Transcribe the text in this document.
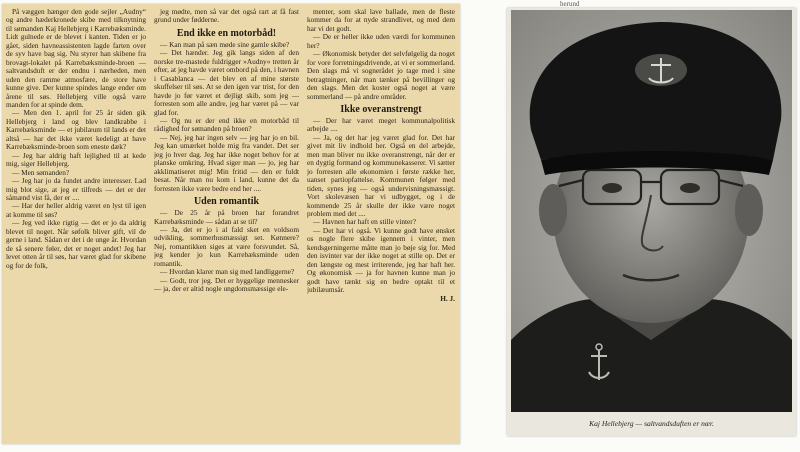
På væggen hænger den gode sejler „Audny“ og andre hæderkronede skibe med tilknytning til sømanden Kaj Hellebjerg i Karrebæksminde. Lidt gulnede er de blevet i kanten. Tiden er jo gået, siden havneassistenten lagde farten over de syv have bag sig. Nu styrer han skibene fra brovagt-lokalet på Karrebæksminde-broen — saltvandsduft er der endnu i nærheden, men uden den ramme atmosfære, de store have kunne give. Der kunne spindes lange ender om årene til søs. Hellebjerg ville også være manden for at spinde dem.

— Men den 1. april for 25 år siden gik Hellebjerg i land og blev landkrabbe i Karrebæksminde — et jubilæum til lands er det altså — har det ikke været kedeligt at have Karrebæksminde-broen som eneste dæk?

— Jeg har aldrig haft lejlighed til at kede mig, siger Hellebjerg.

— Men sømanden?

— Jeg har jo da fundet andre interesser. Lad mig blot sige, at jeg er tilfreds — det er der såmænd vist få, der er ....

— Har der heller aldrig været en lyst til igen at komme til søs?

— Jeg ved ikke rigtig — det er jo da aldrig blevet til noget. Når søfolk bliver gift, vil de gerne i land. Sådan er det i de unge år. Hvordan de så senere føler, det er noget andet! Jeg har levet otten år til søs, har været glad for skibene og for de folk,

jeg mødte, men så var det også rart at få fast grund under fødderne.

End ikke en motorbåd!

— Kan man på sæn møde sine gamle skibe?

— Det hænder. Jeg gik langs siden af den norske tre-mastede fuldrigger »Audny« tretten år efter, at jeg havde været ombord på den, i havnen i Casablanca — det blev en af mine største skuffelser til søs. At se den igen var trist, for den havde jo før været et dejligt skib, som jeg — forresten som alle andre, jeg har været på — var glad for.

— Og nu er der end ikke en motorbåd til rådighed for sømanden på broen?

— Nej, jeg har ingen selv — jeg har jo en bil. Jeg kan umærket holde mig fra vandet. Det ser jeg jo hver dag. Jeg har ikke noget behov for at planske omkring. Hvad siger man — jo, jeg har akklimatiseret mig! Min fritid — den er fuldt besat. Når man nu kom i land, kunne det da forresten ikke være bedre end her ....

Uden romantik

— De 25 år på broen har forandret Karrebæksminde — sådan at se til?

— Ja, det er jo i al fald sket en voldsom udvikling, sommerhusmæssigt set. Kønnere? Nej, romantikken siges at være forsvundet. Så, jeg kender jo kun Karrebæksminde uden romantik.

— Hvordan klarer man sig med landliggerne?

— Godt, tror jeg. Det er hyggelige mennesker — ja, der er altid nogle ungdomsmæssige ele-

menter, som skal lave ballade, men de fleste kommer da for at nyde strandlivet, og med dem har vi det godt.

— De er heller ikke uden værdi for kommunen her?

— Økonomisk betyder det selvfølgelig da noget for vore forretningsdrivende, at vi er sommerland. Den slags må vi sognerådet jo tage med i sine betragtninger, når man tænker på bevillinger og den slags. Men det koster også noget at være sommerland — på andre områder.

Ikke overanstrengt

— Der har været meget kommunalpolitisk arbejde ....

— Ja, og det har jeg været glad for. Det har givet mit liv indhold her. Også en del arbejde, men man bliver nu ikke overanstrengt, når der er en dygtig formand og kommunekasserer. Vi sætter jo forresten alle økonomien i første række her, uanset partiopfattelse. Kommunen følger med tiden, synes jeg — også undervisningsmæssigt. Vort skolevæsen har vi udbygget, og i de kommende 25 år skulle der ikke være noget problem med det ....

— Havnen har haft en stille vinter?

— Det har vi også. Vi kunne godt have ønsket os nogle flere skibe igennem i vinter, men kendsgerningerne måtte man jo bøje sig for. Med den isvinter var der ikke noget at stille op. Det er den længste og mest irriterende, jeg har haft her. Og økonomisk — ja for havnen kunne man jo godt have tænkt sig en bedre optakt til et jubilæumsår.

H. J.

herund
Kaj Hellebjerg — saltvandsduften er nær.
